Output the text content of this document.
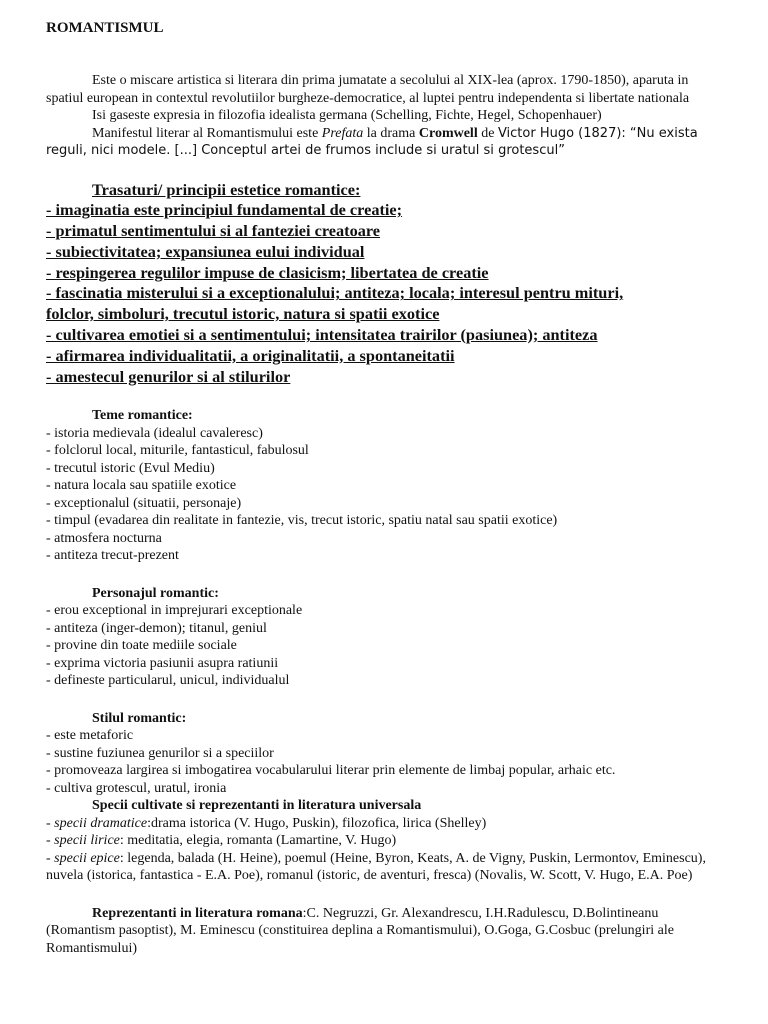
ROMANTISMUL

Este o miscare artistica si literara din prima jumatate a secolului al XIX-lea (aprox. 1790-1850), aparuta in spatiul european in contextul revolutiilor burgheze-democratice, al luptei pentru independenta si libertate nationala

Isi gaseste expresia in filozofia idealista germana (Schelling, Fichte, Hegel, Schopenhauer)

Manifestul literar al Romantismului este Prefata la drama Cromwell de Victor Hugo (1827): “Nu exista reguli, nici modele. [...] Conceptul artei de frumos include si uratul si grotescul”

Trasaturi/ principii estetice romantice:
- imaginatia este principiul fundamental de creatie;
- primatul sentimentului si al fanteziei creatoare
- subiectivitatea; expansiunea eului individual
- respingerea regulilor impuse de clasicism; libertatea de creatie
- fascinatia misterului si a exceptionalului; antiteza; locala; interesul pentru mituri,
folclor, simboluri, trecutul istoric, natura si spatii exotice
- cultivarea emotiei si a sentimentului; intensitatea trairilor (pasiunea); antiteza
- afirmarea individualitatii, a originalitatii, a spontaneitatii
- amestecul genurilor si al stilurilor
Teme romantice:
- istoria medievala (idealul cavaleresc)
- folclorul local, miturile, fantasticul, fabulosul
- trecutul istoric (Evul Mediu)
- natura locala sau spatiile exotice
- exceptionalul (situatii, personaje)
- timpul (evadarea din realitate in fantezie, vis, trecut istoric, spatiu natal sau spatii exotice)
- atmosfera nocturna
- antiteza trecut-prezent
Personajul romantic:
- erou exceptional in imprejurari exceptionale
- antiteza (inger-demon); titanul, geniul
- provine din toate mediile sociale
- exprima victoria pasiunii asupra ratiunii
- defineste particularul, unicul, individualul
Stilul romantic:
- este metaforic
- sustine fuziunea genurilor si a speciilor
- promoveaza largirea si imbogatirea vocabularului literar prin elemente de limbaj popular, arhaic etc.
- cultiva grotescul, uratul, ironia
Specii cultivate si reprezentanti in literatura universala
- specii dramatice:drama istorica (V. Hugo, Puskin), filozofica, lirica (Shelley)
- specii lirice: meditatia, elegia, romanta (Lamartine, V. Hugo)
- specii epice: legenda, balada (H. Heine), poemul (Heine, Byron, Keats, A. de Vigny, Puskin, Lermontov, Eminescu), nuvela (istorica, fantastica - E.A. Poe), romanul (istoric, de aventuri, fresca) (Novalis, W. Scott, V. Hugo, E.A. Poe)
Reprezentanti in literatura romana:C. Negruzzi, Gr. Alexandrescu, I.H.Radulescu, D.Bolintineanu (Romantism pasoptist), M. Eminescu (constituirea deplina a Romantismului), O.Goga, G.Cosbuc (prelungiri ale Romantismului)
